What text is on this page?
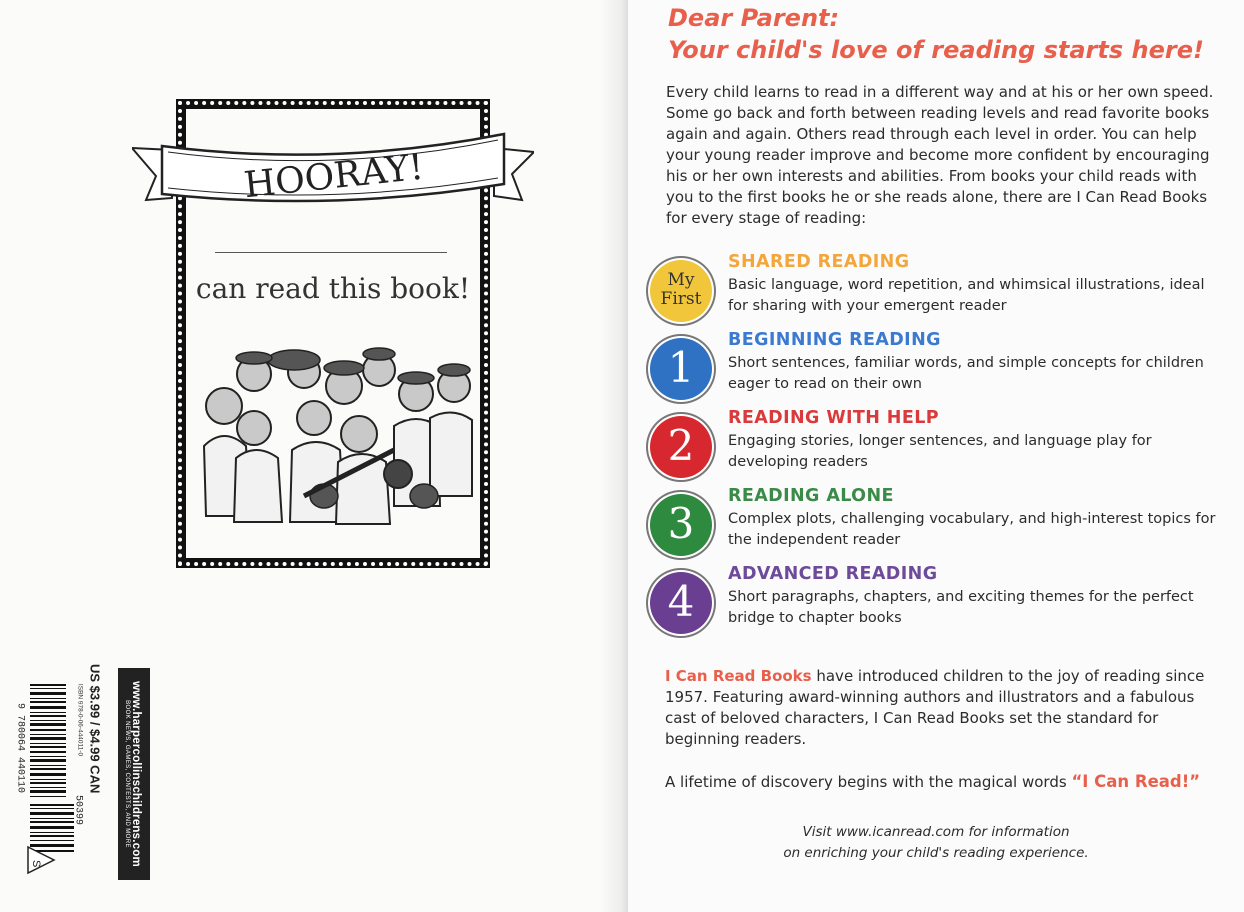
HOORAY!
can read this book!
www.harpercollinschildrens.com
BOOK NEWS, GAMES, CONTESTS, AND MORE
US $3.99 / $4.99 CAN
ISBN 978-0-06-444011-0
9 780064 440110
50399
S
Dear Parent:
Your child's love of reading starts here!
Every child learns to read in a different way and at his or her own speed. Some go back and forth between reading levels and read favorite books again and again. Others read through each level in order. You can help your young reader improve and become more confident by encouraging his or her own interests and abilities. From books your child reads with you to the first books he or she reads alone, there are I Can Read Books for every stage of reading:
My
First
SHARED READING
Basic language, word repetition, and whimsical illustrations, ideal for sharing with your emergent reader
1
BEGINNING READING
Short sentences, familiar words, and simple concepts for children eager to read on their own
2
READING WITH HELP
Engaging stories, longer sentences, and language play for developing readers
3
READING ALONE
Complex plots, challenging vocabulary, and high-interest topics for the independent reader
4
ADVANCED READING
Short paragraphs, chapters, and exciting themes for the perfect bridge to chapter books
I Can Read Books have introduced children to the joy of reading since 1957. Featuring award-winning authors and illustrators and a fabulous cast of beloved characters, I Can Read Books set the standard for beginning readers.
A lifetime of discovery begins with the magical words “I Can Read!”
Visit www.icanread.com for information
on enriching your child's reading experience.
